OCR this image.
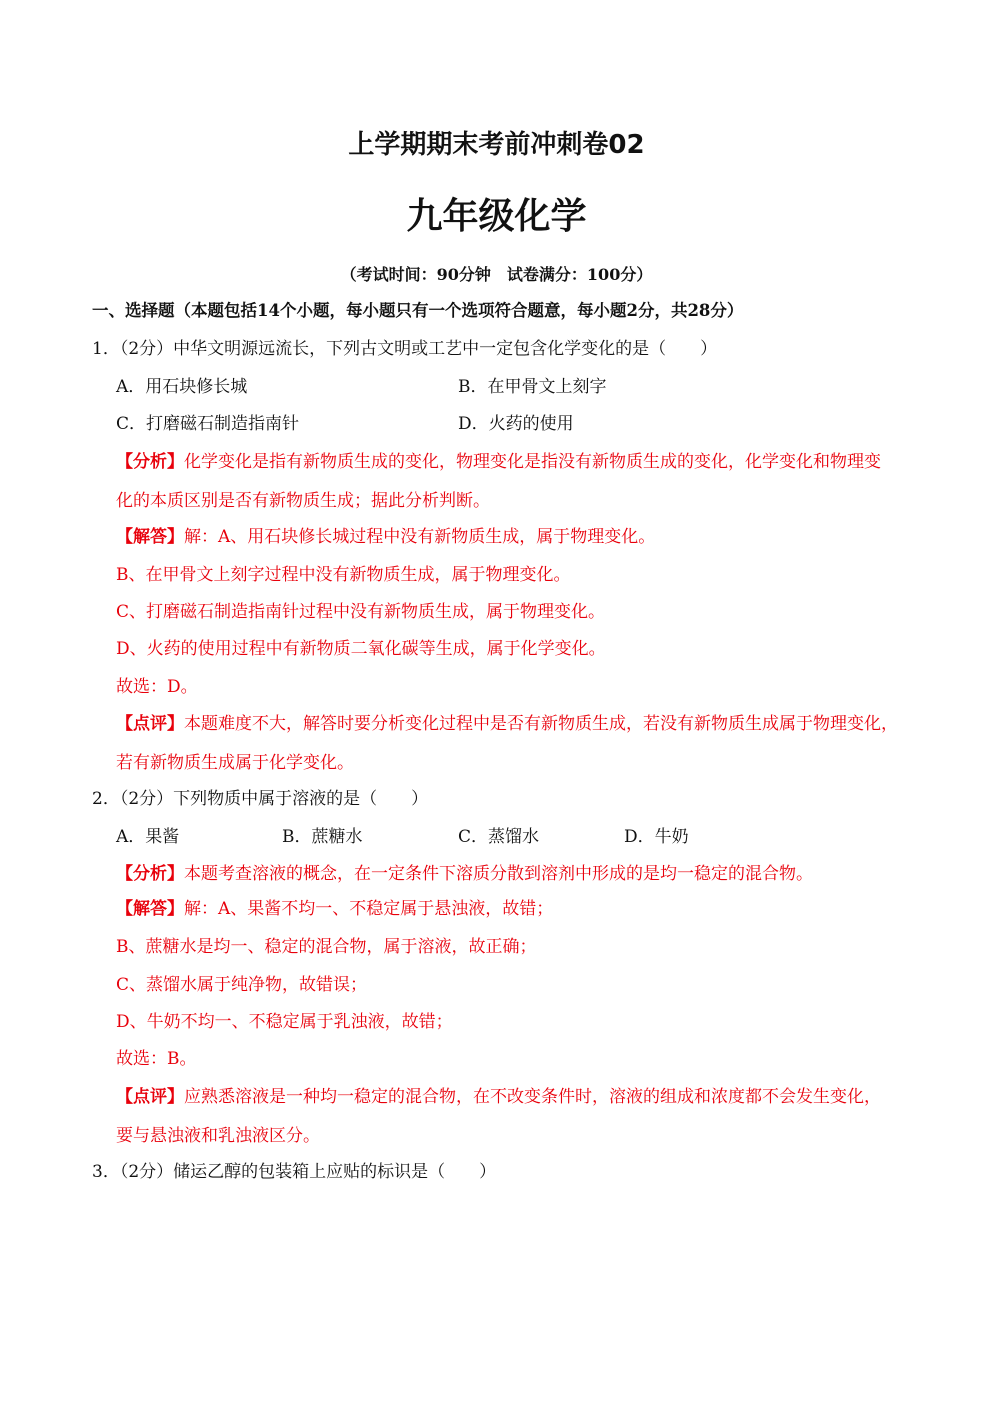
上学期期末考前冲刺卷02
九年级化学
（考试时间：90分钟　试卷满分：100分）
一、选择题（本题包括14个小题，每小题只有一个选项符合题意，每小题2分，共28分）
1．（2分）中华文明源远流长，下列古文明或工艺中一定包含化学变化的是（　　）
A．用石块修长城	B．在甲骨文上刻字
C．打磨磁石制造指南针	D．火药的使用
【分析】化学变化是指有新物质生成的变化，物理变化是指没有新物质生成的变化，化学变化和物理变
化的本质区别是否有新物质生成；据此分析判断。
【解答】解：A、用石块修长城过程中没有新物质生成，属于物理变化。
B、在甲骨文上刻字过程中没有新物质生成，属于物理变化。
C、打磨磁石制造指南针过程中没有新物质生成，属于物理变化。
D、火药的使用过程中有新物质二氧化碳等生成，属于化学变化。
故选：D。
【点评】本题难度不大，解答时要分析变化过程中是否有新物质生成，若没有新物质生成属于物理变化，
若有新物质生成属于化学变化。
2．（2分）下列物质中属于溶液的是（　　）
A．果酱	B．蔗糖水	C．蒸馏水	D．牛奶
【分析】本题考查溶液的概念，在一定条件下溶质分散到溶剂中形成的是均一稳定的混合物。
【解答】解：A、果酱不均一、不稳定属于悬浊液，故错；
B、蔗糖水是均一、稳定的混合物，属于溶液，故正确；
C、蒸馏水属于纯净物，故错误；
D、牛奶不均一、不稳定属于乳浊液，故错；
故选：B。
【点评】应熟悉溶液是一种均一稳定的混合物，在不改变条件时，溶液的组成和浓度都不会发生变化，
要与悬浊液和乳浊液区分。
3．（2分）储运乙醇的包装箱上应贴的标识是（　　）
